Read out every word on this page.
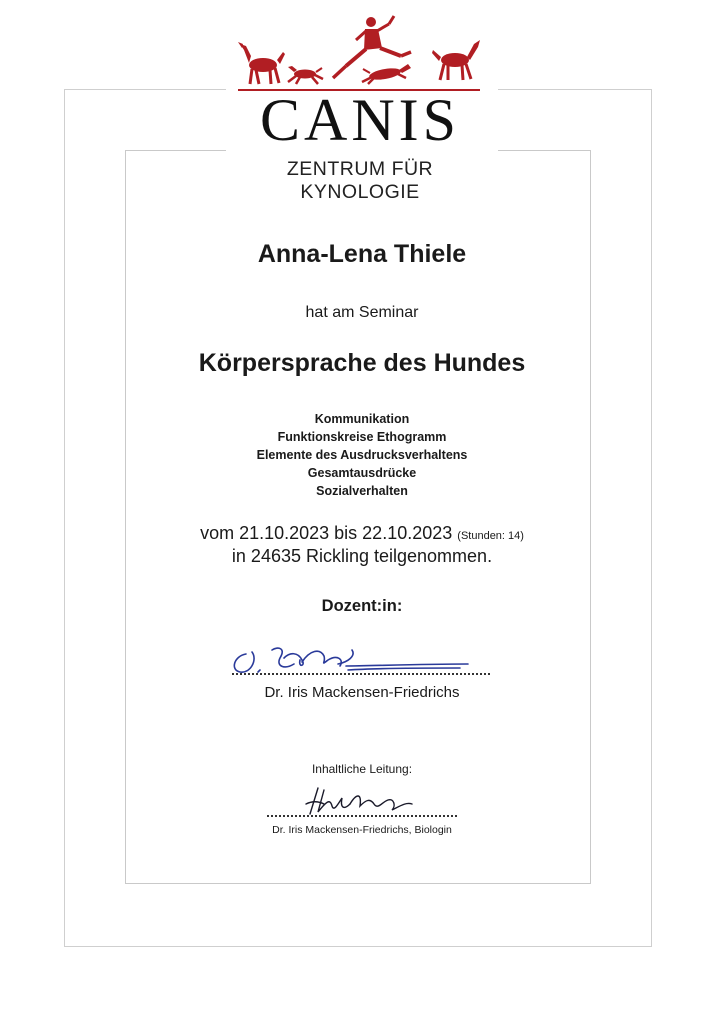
CANIS
ZENTRUM FÜR KYNOLOGIE
Anna-Lena Thiele
hat am Seminar
Körpersprache des Hundes
Kommunikation
Funktionskreise Ethogramm
Elemente des Ausdrucksverhaltens
Gesamtausdrücke
Sozialverhalten
vom 21.10.2023 bis 22.10.2023 (Stunden: 14)
in 24635 Rickling teilgenommen.
Dozent:in:
Dr. Iris Mackensen-Friedrichs
Inhaltliche Leitung:
Dr. Iris Mackensen-Friedrichs, Biologin
